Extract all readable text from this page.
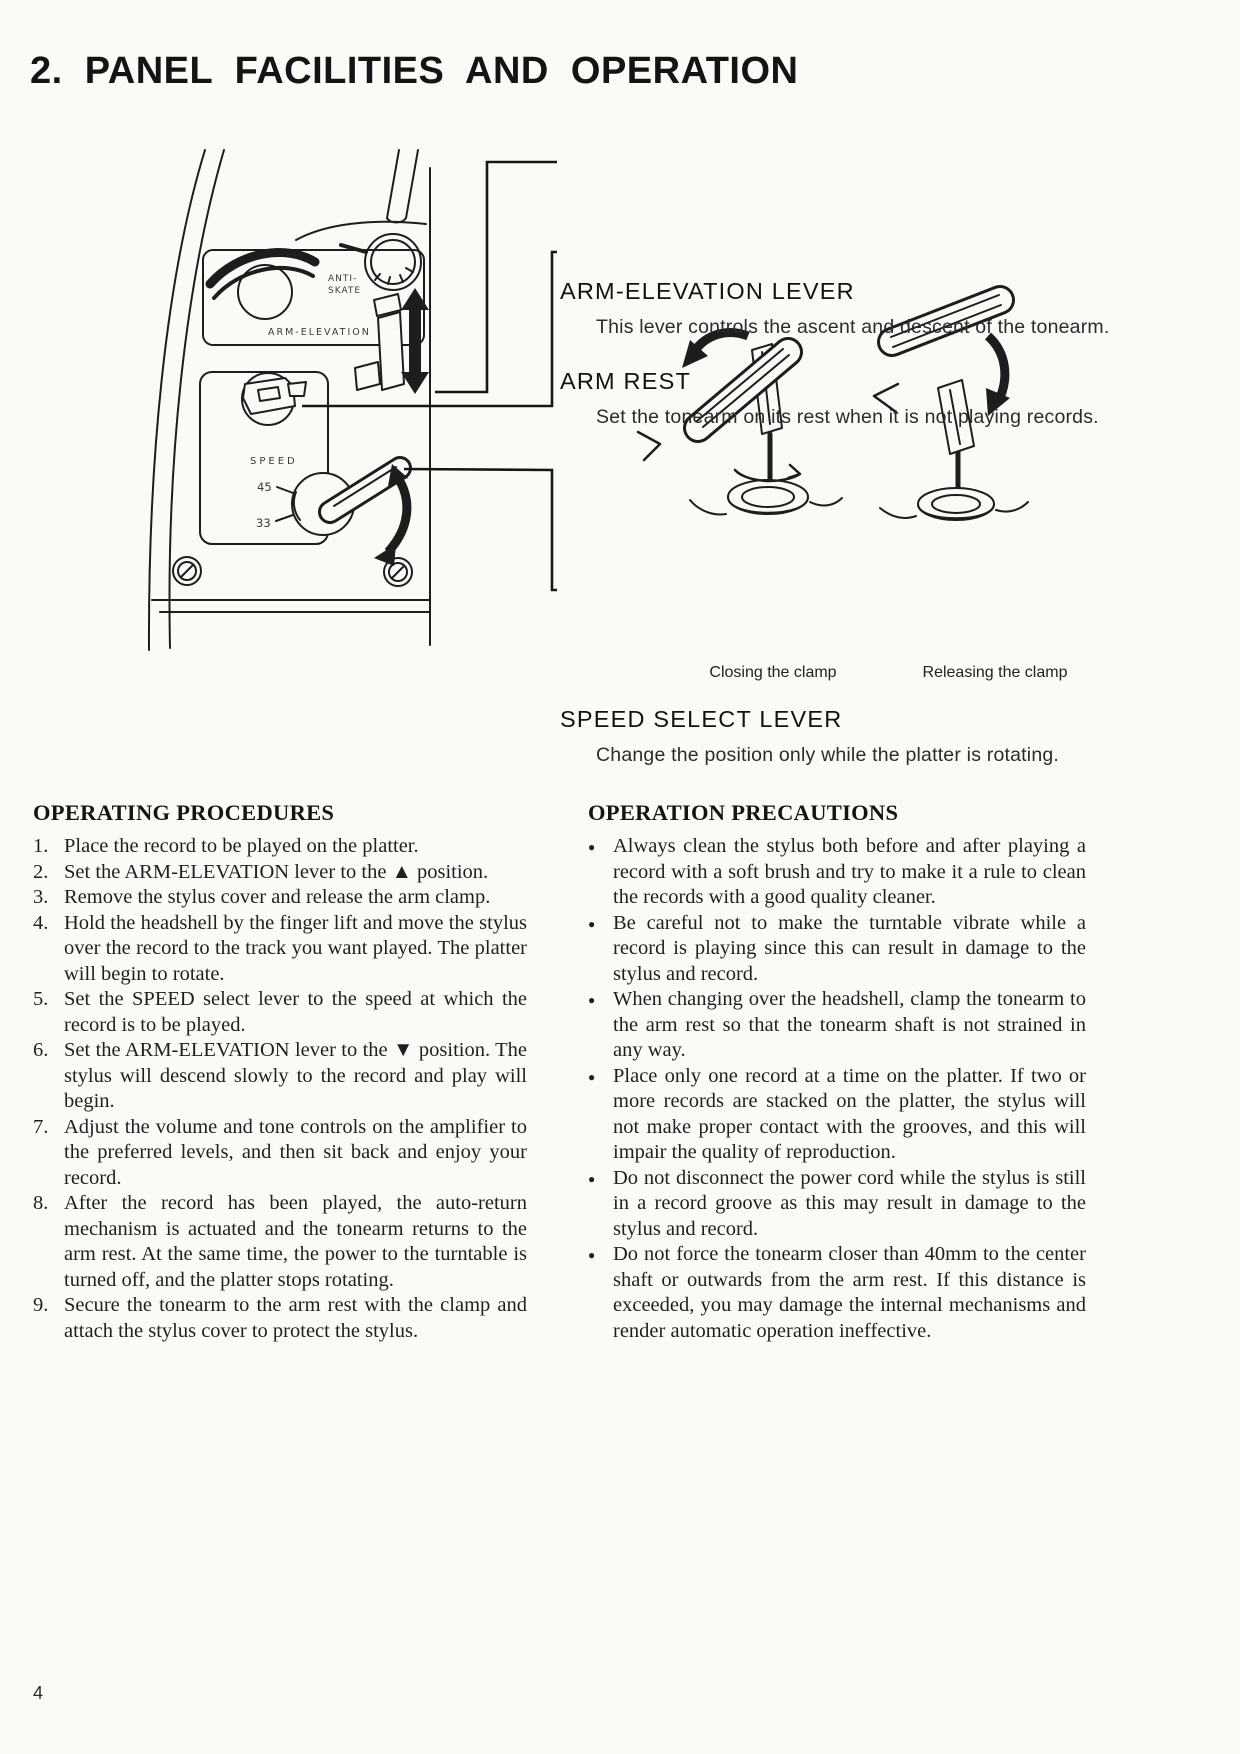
2. PANEL FACILITIES AND OPERATION
ANTI-
SKATE
ARM-ELEVATION
SPEED
45
33
ARM-ELEVATION LEVER
This lever controls the ascent and descent of the tonearm.
ARM REST
Set the tonearm on its rest when it is not playing records.
SPEED SELECT LEVER
Change the position only while the platter is rotating.
Closing the clamp	Releasing the clamp
OPERATING PROCEDURES
1. Place the record to be played on the platter.
2. Set the ARM-ELEVATION lever to the ▲ position.
3. Remove the stylus cover and release the arm clamp.
4. Hold the headshell by the finger lift and move the stylus over the record to the track you want played. The platter will begin to rotate.
5. Set the SPEED select lever to the speed at which the record is to be played.
6. Set the ARM-ELEVATION lever to the ▼ position. The stylus will descend slowly to the record and play will begin.
7. Adjust the volume and tone controls on the amplifier to the preferred levels, and then sit back and enjoy your record.
8. After the record has been played, the auto-return mechanism is actuated and the tonearm returns to the arm rest. At the same time, the power to the turntable is turned off, and the platter stops rotating.
9. Secure the tonearm to the arm rest with the clamp and attach the stylus cover to protect the stylus.
OPERATION PRECAUTIONS
● Always clean the stylus both before and after playing a record with a soft brush and try to make it a rule to clean the records with a good quality cleaner.
● Be careful not to make the turntable vibrate while a record is playing since this can result in damage to the stylus and record.
● When changing over the headshell, clamp the tonearm to the arm rest so that the tonearm shaft is not strained in any way.
● Place only one record at a time on the platter. If two or more records are stacked on the platter, the stylus will not make proper contact with the grooves, and this will impair the quality of reproduction.
● Do not disconnect the power cord while the stylus is still in a record groove as this may result in damage to the stylus and record.
● Do not force the tonearm closer than 40mm to the center shaft or outwards from the arm rest. If this distance is exceeded, you may damage the internal mechanisms and render automatic operation ineffective.
4
